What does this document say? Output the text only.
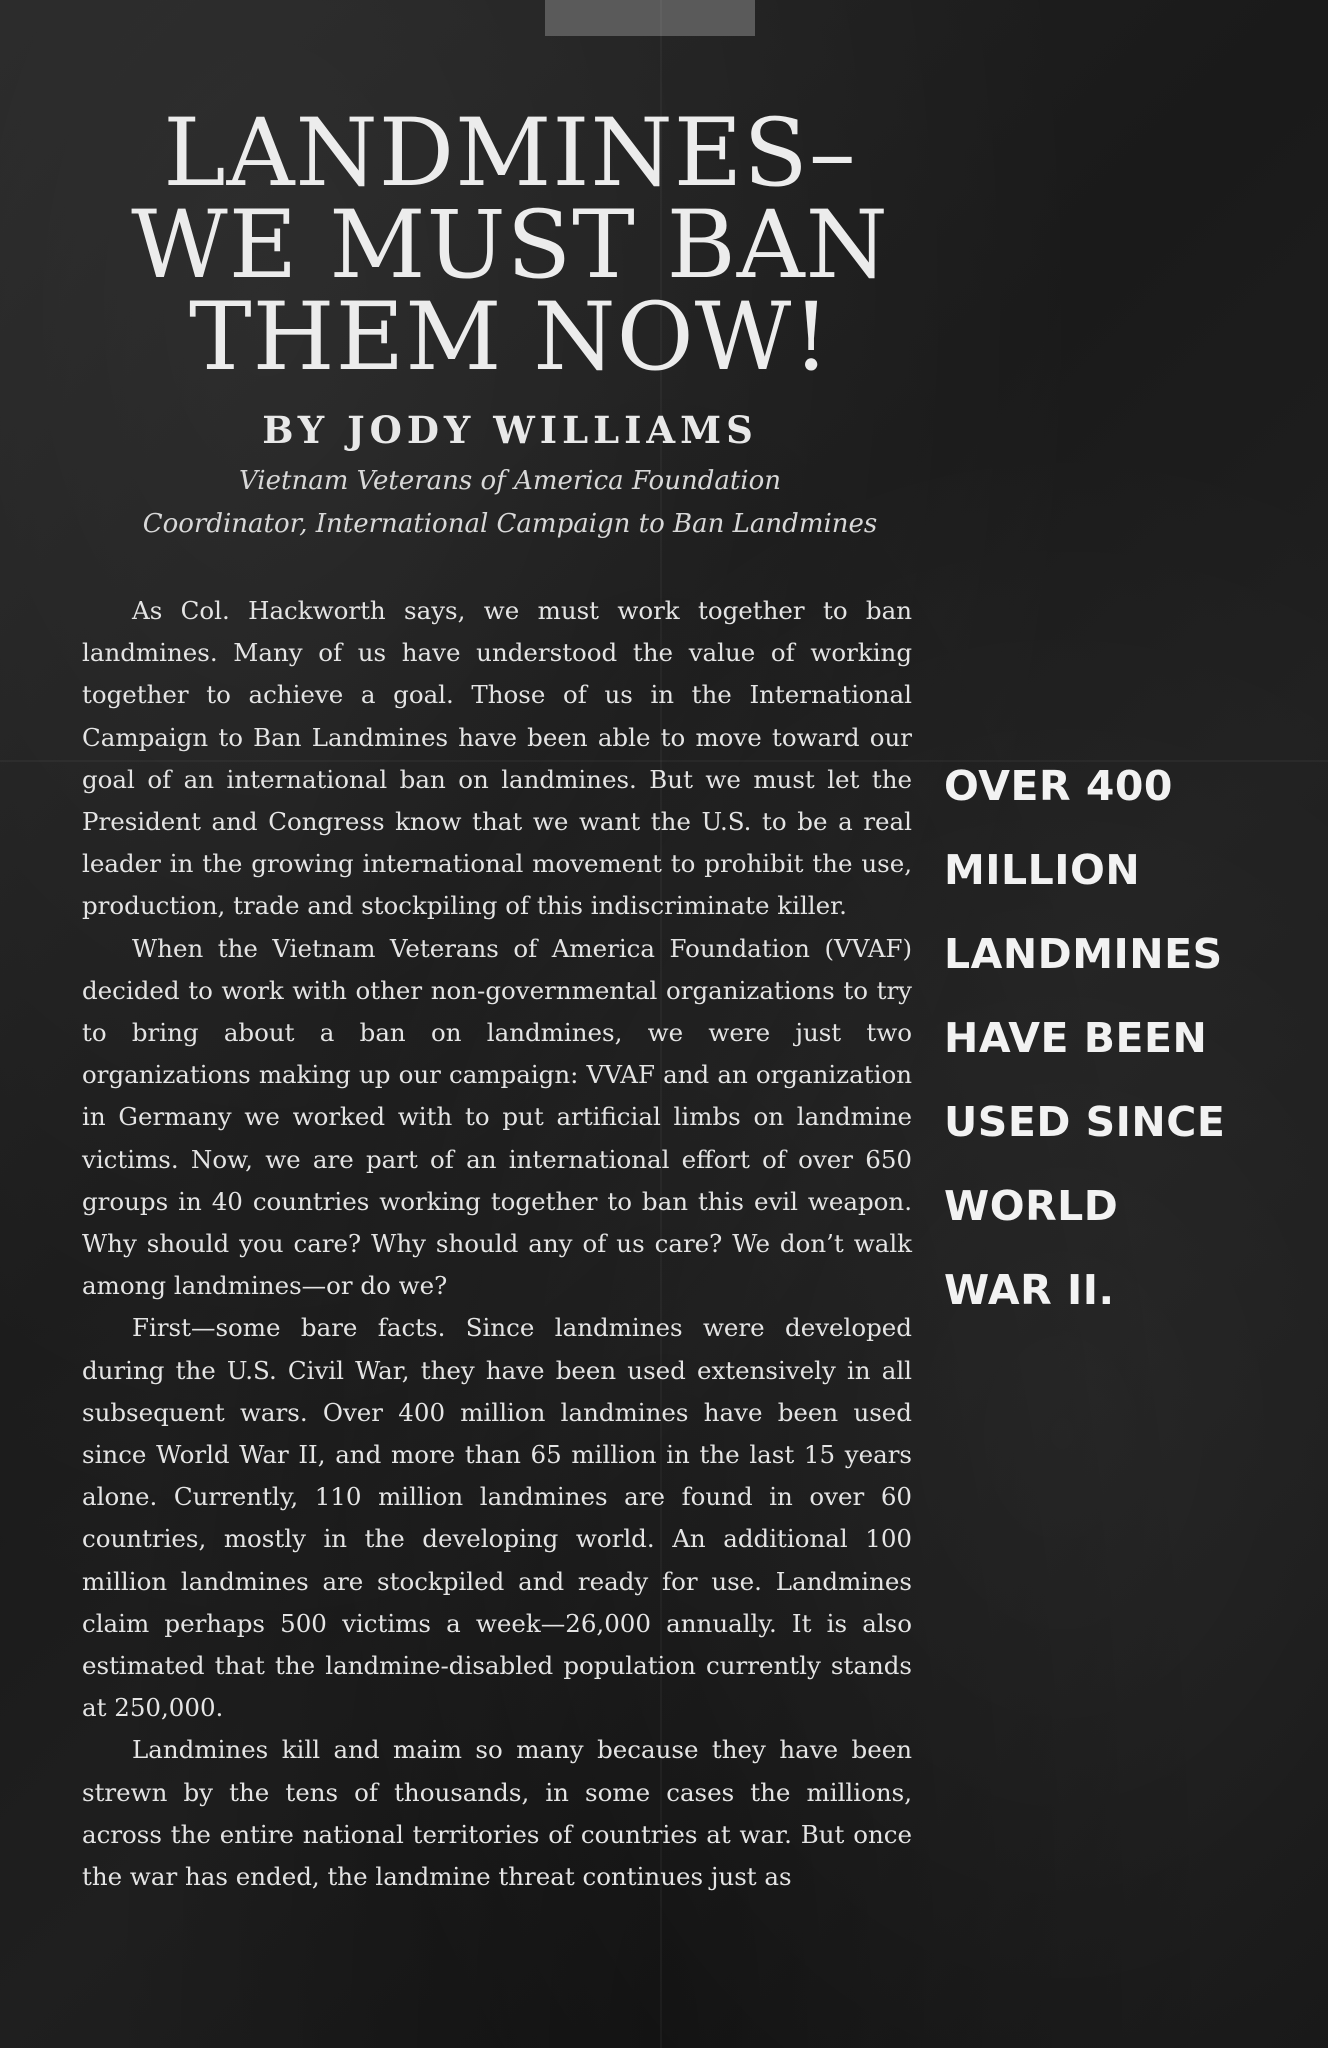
LANDMINES–
WE MUST BAN
THEM NOW!
BY JODY WILLIAMS
Vietnam Veterans of America Foundation
Coordinator, International Campaign to Ban Landmines

As Col. Hackworth says, we must work together to ban landmines. Many of us have understood the value of working together to achieve a goal. Those of us in the International Campaign to Ban Landmines have been able to move toward our goal of an international ban on landmines. But we must let the President and Congress know that we want the U.S. to be a real leader in the growing international movement to prohibit the use, production, trade and stockpiling of this indiscriminate killer.

When the Vietnam Veterans of America Foundation (VVAF) decided to work with other non-governmental organizations to try to bring about a ban on landmines, we were just two organizations making up our campaign: VVAF and an organization in Germany we worked with to put artificial limbs on landmine victims. Now, we are part of an international effort of over 650 groups in 40 countries working together to ban this evil weapon. Why should you care? Why should any of us care? We don’t walk among landmines—or do we?

First—some bare facts. Since landmines were developed during the U.S. Civil War, they have been used extensively in all subsequent wars. Over 400 million landmines have been used since World War II, and more than 65 million in the last 15 years alone. Currently, 110 million landmines are found in over 60 countries, mostly in the developing world. An additional 100 million landmines are stockpiled and ready for use. Landmines claim perhaps 500 victims a week—26,000 annually. It is also estimated that the landmine-disabled population currently stands at 250,000.

Landmines kill and maim so many because they have been strewn by the tens of thousands, in some cases the millions, across the entire national territories of countries at war. But once the war has ended, the landmine threat continues just as

OVER 400
MILLION
LANDMINES
HAVE BEEN
USED SINCE
WORLD
WAR II.
